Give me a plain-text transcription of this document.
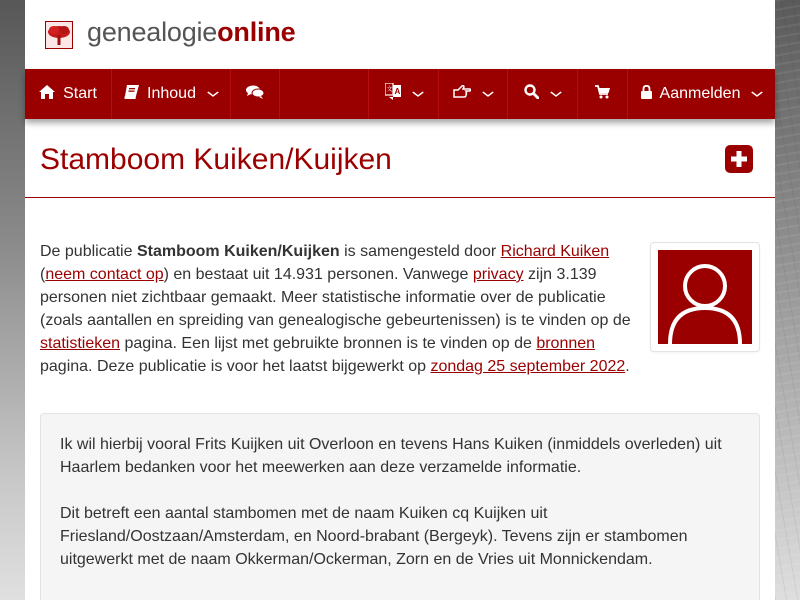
genealogieonline
Start	Inhoud	A
文	Aanmelden
Stamboom Kuiken/Kuijken
De publicatie Stamboom Kuiken/Kuijken is samengesteld door Richard Kuiken (neem contact op) en bestaat uit 14.931 personen. Vanwege privacy zijn 3.139 personen niet zichtbaar gemaakt. Meer statistische informatie over de publicatie (zoals aantallen en spreiding van genealogische gebeurtenissen) is te vinden op de statistieken pagina. Een lijst met gebruikte bronnen is te vinden op de bronnen pagina. Deze publicatie is voor het laatst bijgewerkt op zondag 25 september 2022.

Ik wil hierbij vooral Frits Kuijken uit Overloon en tevens Hans Kuiken (inmiddels overleden) uit Haarlem bedanken voor het meewerken aan deze verzamelde informatie.

Dit betreft een aantal stambomen met de naam Kuiken cq Kuijken uit Friesland/Oostzaan/Amsterdam, en Noord-brabant (Bergeyk). Tevens zijn er stambomen uitgewerkt met de naam Okkerman/Ockerman, Zorn en de Vries uit Monnickendam.
